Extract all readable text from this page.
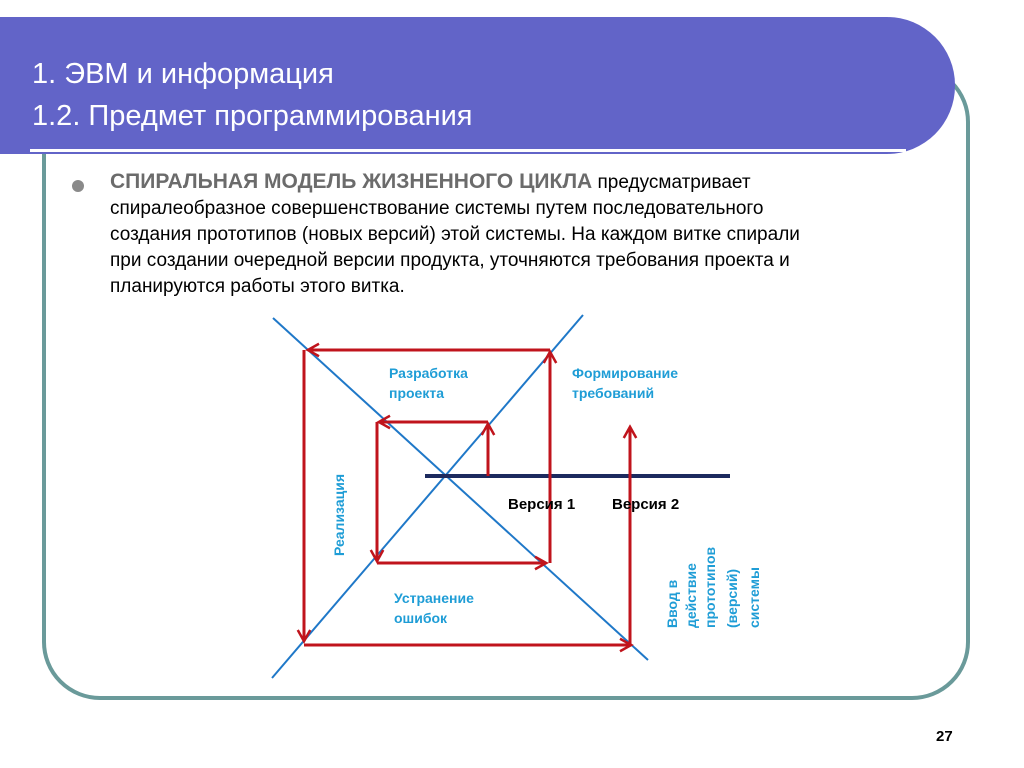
1. ЭВМ и информация
1.2. Предмет программирования
СПИРАЛЬНАЯ МОДЕЛЬ ЖИЗНЕННОГО ЦИКЛА предусматривает
спиралеобразное совершенствование системы путем последовательного
создания прототипов (новых версий) этой системы. На каждом витке спирали
при создании очередной версии продукта, уточняются требования проекта и
планируются работы этого витка.
Разработка
проекта
Формирование
требований
Реализация
Устранение
ошибок	Ввод в действие прототипов (версий) системы
Версия 1 Версия 2
27
